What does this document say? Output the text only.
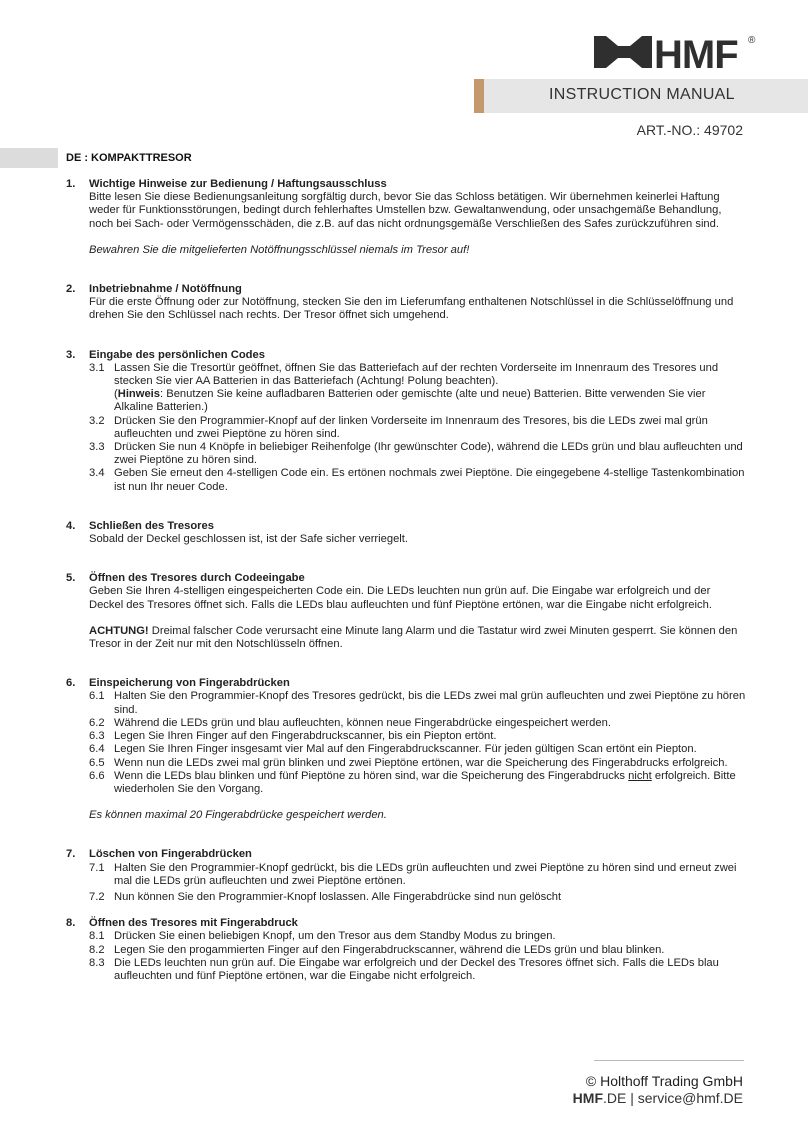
HMF ®
INSTRUCTION MANUAL
ART.-NO.: 49702
DE : KOMPAKTTRESOR
1. Wichtige Hinweise zur Bedienung / Haftungsausschluss
Bitte lesen Sie diese Bedienungsanleitung sorgfältig durch, bevor Sie das Schloss betätigen. Wir übernehmen keinerlei Haftung weder für Funktionsstörungen, bedingt durch fehlerhaftes Umstellen bzw. Gewaltanwendung, oder unsachgemäße Behandlung, noch bei Sach- oder Vermögensschäden, die z.B. auf das nicht ordnungsgemäße Verschließen des Safes zurückzuführen sind.
Bewahren Sie die mitgelieferten Notöffnungsschlüssel niemals im Tresor auf!
2. Inbetriebnahme / Notöffnung
Für die erste Öffnung oder zur Notöffnung, stecken Sie den im Lieferumfang enthaltenen Notschlüssel in die Schlüsselöffnung und drehen Sie den Schlüssel nach rechts. Der Tresor öffnet sich umgehend.
3. Eingabe des persönlichen Codes
3.1 Lassen Sie die Tresortür geöffnet, öffnen Sie das Batteriefach auf der rechten Vorderseite im Innenraum des Tresores und stecken Sie vier AA Batterien in das Batteriefach (Achtung! Polung beachten).
(Hinweis: Benutzen Sie keine aufladbaren Batterien oder gemischte (alte und neue) Batterien. Bitte verwenden Sie vier Alkaline Batterien.)
3.2 Drücken Sie den Programmier-Knopf auf der linken Vorderseite im Innenraum des Tresores, bis die LEDs zwei mal grün aufleuchten und zwei Pieptöne zu hören sind.
3.3 Drücken Sie nun 4 Knöpfe in beliebiger Reihenfolge (Ihr gewünschter Code), während die LEDs grün und blau aufleuchten und zwei Pieptöne zu hören sind.
3.4 Geben Sie erneut den 4-stelligen Code ein. Es ertönen nochmals zwei Pieptöne. Die eingegebene 4-stellige Tastenkombination ist nun Ihr neuer Code.
4. Schließen des Tresores
Sobald der Deckel geschlossen ist, ist der Safe sicher verriegelt.
5. Öffnen des Tresores durch Codeeingabe
Geben Sie Ihren 4-stelligen eingespeicherten Code ein. Die LEDs leuchten nun grün auf. Die Eingabe war erfolgreich und der Deckel des Tresores öffnet sich. Falls die LEDs blau aufleuchten und fünf Pieptöne ertönen, war die Eingabe nicht erfolgreich.
ACHTUNG! Dreimal falscher Code verursacht eine Minute lang Alarm und die Tastatur wird zwei Minuten gesperrt. Sie können den Tresor in der Zeit nur mit den Notschlüsseln öffnen.
6. Einspeicherung von Fingerabdrücken
6.1 Halten Sie den Programmier-Knopf des Tresores gedrückt, bis die LEDs zwei mal grün aufleuchten und zwei Pieptöne zu hören sind.
6.2 Während die LEDs grün und blau aufleuchten, können neue Fingerabdrücke eingespeichert werden.
6.3 Legen Sie Ihren Finger auf den Fingerabdruckscanner, bis ein Piepton ertönt.
6.4 Legen Sie Ihren Finger insgesamt vier Mal auf den Fingerabdruckscanner. Für jeden gültigen Scan ertönt ein Piepton.
6.5 Wenn nun die LEDs zwei mal grün blinken und zwei Pieptöne ertönen, war die Speicherung des Fingerabdrucks erfolgreich.
6.6 Wenn die LEDs blau blinken und fünf Pieptöne zu hören sind, war die Speicherung des Fingerabdrucks nicht erfolgreich. Bitte wiederholen Sie den Vorgang.
Es können maximal 20 Fingerabdrücke gespeichert werden.
7. Löschen von Fingerabdrücken
7.1 Halten Sie den Programmier-Knopf gedrückt, bis die LEDs grün aufleuchten und zwei Pieptöne zu hören sind und erneut zwei mal die LEDs grün aufleuchten und zwei Pieptöne ertönen.
7.2 Nun können Sie den Programmier-Knopf loslassen. Alle Fingerabdrücke sind nun gelöscht
8. Öffnen des Tresores mit Fingerabdruck
8.1 Drücken Sie einen beliebigen Knopf, um den Tresor aus dem Standby Modus zu bringen.
8.2 Legen Sie den progammierten Finger auf den Fingerabdruckscanner, während die LEDs grün und blau blinken.
8.3 Die LEDs leuchten nun grün auf. Die Eingabe war erfolgreich und der Deckel des Tresores öffnet sich. Falls die LEDs blau aufleuchten und fünf Pieptöne ertönen, war die Eingabe nicht erfolgreich.
© Holthoff Trading GmbH
HMF.DE | service@hmf.DE
